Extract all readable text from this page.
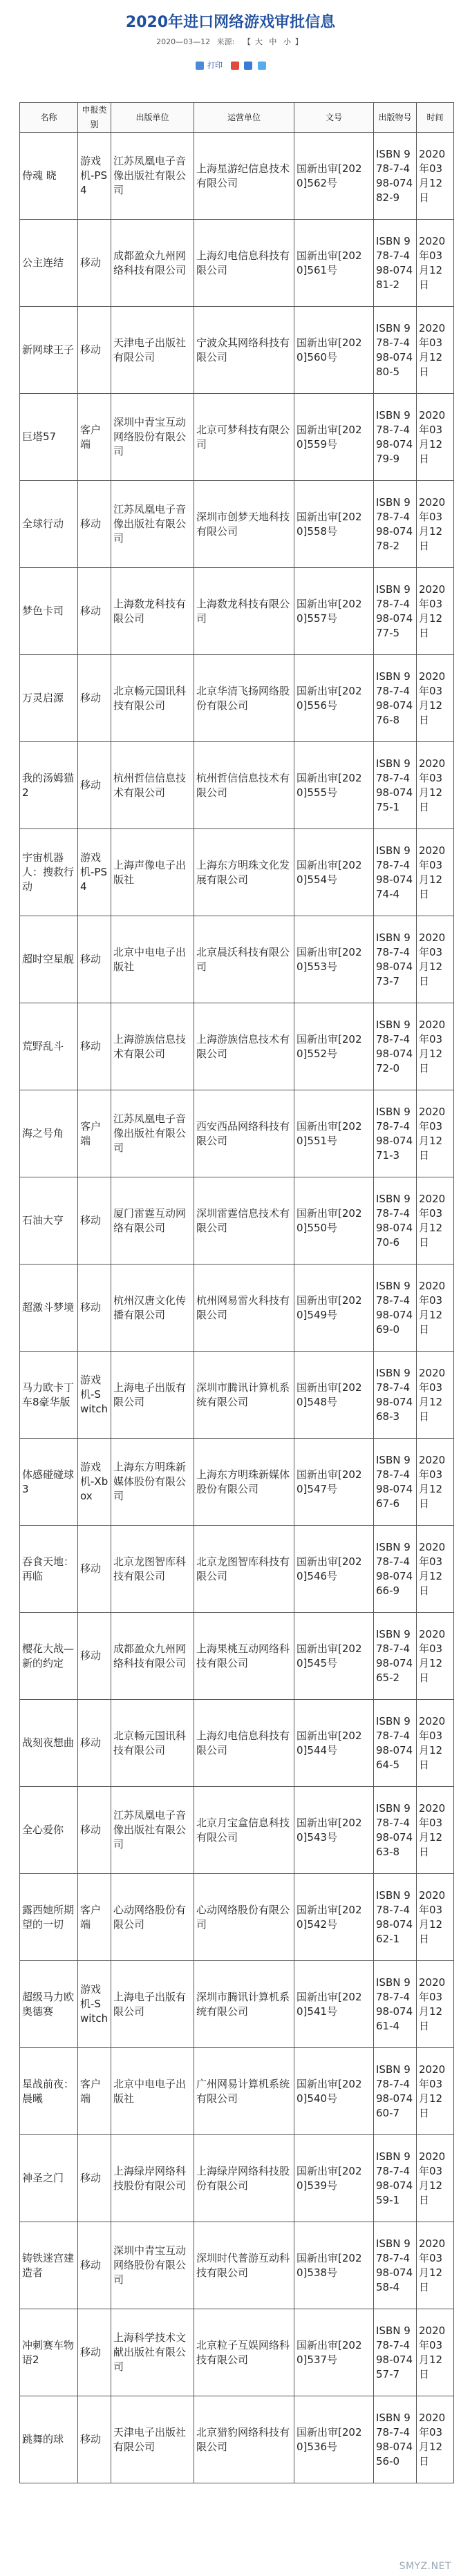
2020年进口网络游戏审批信息
2020—03—12 来源: 【 大 中 小 】
打印
名称	申报类别	出版单位	运营单位	文号	出版物号	时间
侍魂 晓	游戏机-PS4	江苏凤凰电子音像出版社有限公司	上海星游纪信息技术有限公司	国新出审[2020]562号	ISBN 978-7-498-07482-9	2020年03月12日
公主连结	移动	成都盈众九州网络科技有限公司	上海幻电信息科技有限公司	国新出审[2020]561号	ISBN 978-7-498-07481-2	2020年03月12日
新网球王子	移动	天津电子出版社有限公司	宁波众其网络科技有限公司	国新出审[2020]560号	ISBN 978-7-498-07480-5	2020年03月12日
巨塔57	客户端	深圳中青宝互动网络股份有限公司	北京可梦科技有限公司	国新出审[2020]559号	ISBN 978-7-498-07479-9	2020年03月12日
全球行动	移动	江苏凤凰电子音像出版社有限公司	深圳市创梦天地科技有限公司	国新出审[2020]558号	ISBN 978-7-498-07478-2	2020年03月12日
梦色卡司	移动	上海数龙科技有限公司	上海数龙科技有限公司	国新出审[2020]557号	ISBN 978-7-498-07477-5	2020年03月12日
万灵启源	移动	北京畅元国讯科技有限公司	北京华清飞扬网络股份有限公司	国新出审[2020]556号	ISBN 978-7-498-07476-8	2020年03月12日
我的汤姆猫2	移动	杭州哲信信息技术有限公司	杭州哲信信息技术有限公司	国新出审[2020]555号	ISBN 978-7-498-07475-1	2020年03月12日
宇宙机器人：搜救行动	游戏机-PS4	上海声像电子出版社	上海东方明珠文化发展有限公司	国新出审[2020]554号	ISBN 978-7-498-07474-4	2020年03月12日
超时空星舰	移动	北京中电电子出版社	北京晨沃科技有限公司	国新出审[2020]553号	ISBN 978-7-498-07473-7	2020年03月12日
荒野乱斗	移动	上海游族信息技术有限公司	上海游族信息技术有限公司	国新出审[2020]552号	ISBN 978-7-498-07472-0	2020年03月12日
海之号角	客户端	江苏凤凰电子音像出版社有限公司	西安西品网络科技有限公司	国新出审[2020]551号	ISBN 978-7-498-07471-3	2020年03月12日
石油大亨	移动	厦门雷霆互动网络有限公司	深圳雷霆信息技术有限公司	国新出审[2020]550号	ISBN 978-7-498-07470-6	2020年03月12日
超激斗梦境	移动	杭州汉唐文化传播有限公司	杭州网易雷火科技有限公司	国新出审[2020]549号	ISBN 978-7-498-07469-0	2020年03月12日
马力欧卡丁车8豪华版	游戏机-Switch	上海电子出版有限公司	深圳市腾讯计算机系统有限公司	国新出审[2020]548号	ISBN 978-7-498-07468-3	2020年03月12日
体感碰碰球3	游戏机-Xbox	上海东方明珠新媒体股份有限公司	上海东方明珠新媒体股份有限公司	国新出审[2020]547号	ISBN 978-7-498-07467-6	2020年03月12日
吞食天地：再临	移动	北京龙图智库科技有限公司	北京龙图智库科技有限公司	国新出审[2020]546号	ISBN 978-7-498-07466-9	2020年03月12日
樱花大战—新的约定	移动	成都盈众九州网络科技有限公司	上海果桃互动网络科技有限公司	国新出审[2020]545号	ISBN 978-7-498-07465-2	2020年03月12日
战刻夜想曲	移动	北京畅元国讯科技有限公司	上海幻电信息科技有限公司	国新出审[2020]544号	ISBN 978-7-498-07464-5	2020年03月12日
全心爱你	移动	江苏凤凰电子音像出版社有限公司	北京月宝盒信息科技有限公司	国新出审[2020]543号	ISBN 978-7-498-07463-8	2020年03月12日
露西她所期望的一切	客户端	心动网络股份有限公司	心动网络股份有限公司	国新出审[2020]542号	ISBN 978-7-498-07462-1	2020年03月12日
超级马力欧奥德赛	游戏机-Switch	上海电子出版有限公司	深圳市腾讯计算机系统有限公司	国新出审[2020]541号	ISBN 978-7-498-07461-4	2020年03月12日
星战前夜：晨曦	客户端	北京中电电子出版社	广州网易计算机系统有限公司	国新出审[2020]540号	ISBN 978-7-498-07460-7	2020年03月12日
神圣之门	移动	上海绿岸网络科技股份有限公司	上海绿岸网络科技股份有限公司	国新出审[2020]539号	ISBN 978-7-498-07459-1	2020年03月12日
铸铁迷宫建造者	移动	深圳中青宝互动网络股份有限公司	深圳时代普游互动科技有限公司	国新出审[2020]538号	ISBN 978-7-498-07458-4	2020年03月12日
冲刺赛车物语2	移动	上海科学技术文献出版社有限公司	北京粒子互娱网络科技有限公司	国新出审[2020]537号	ISBN 978-7-498-07457-7	2020年03月12日
跳舞的球	移动	天津电子出版社有限公司	北京猎豹网络科技有限公司	国新出审[2020]536号	ISBN 978-7-498-07456-0	2020年03月12日
SMYZ.NET
